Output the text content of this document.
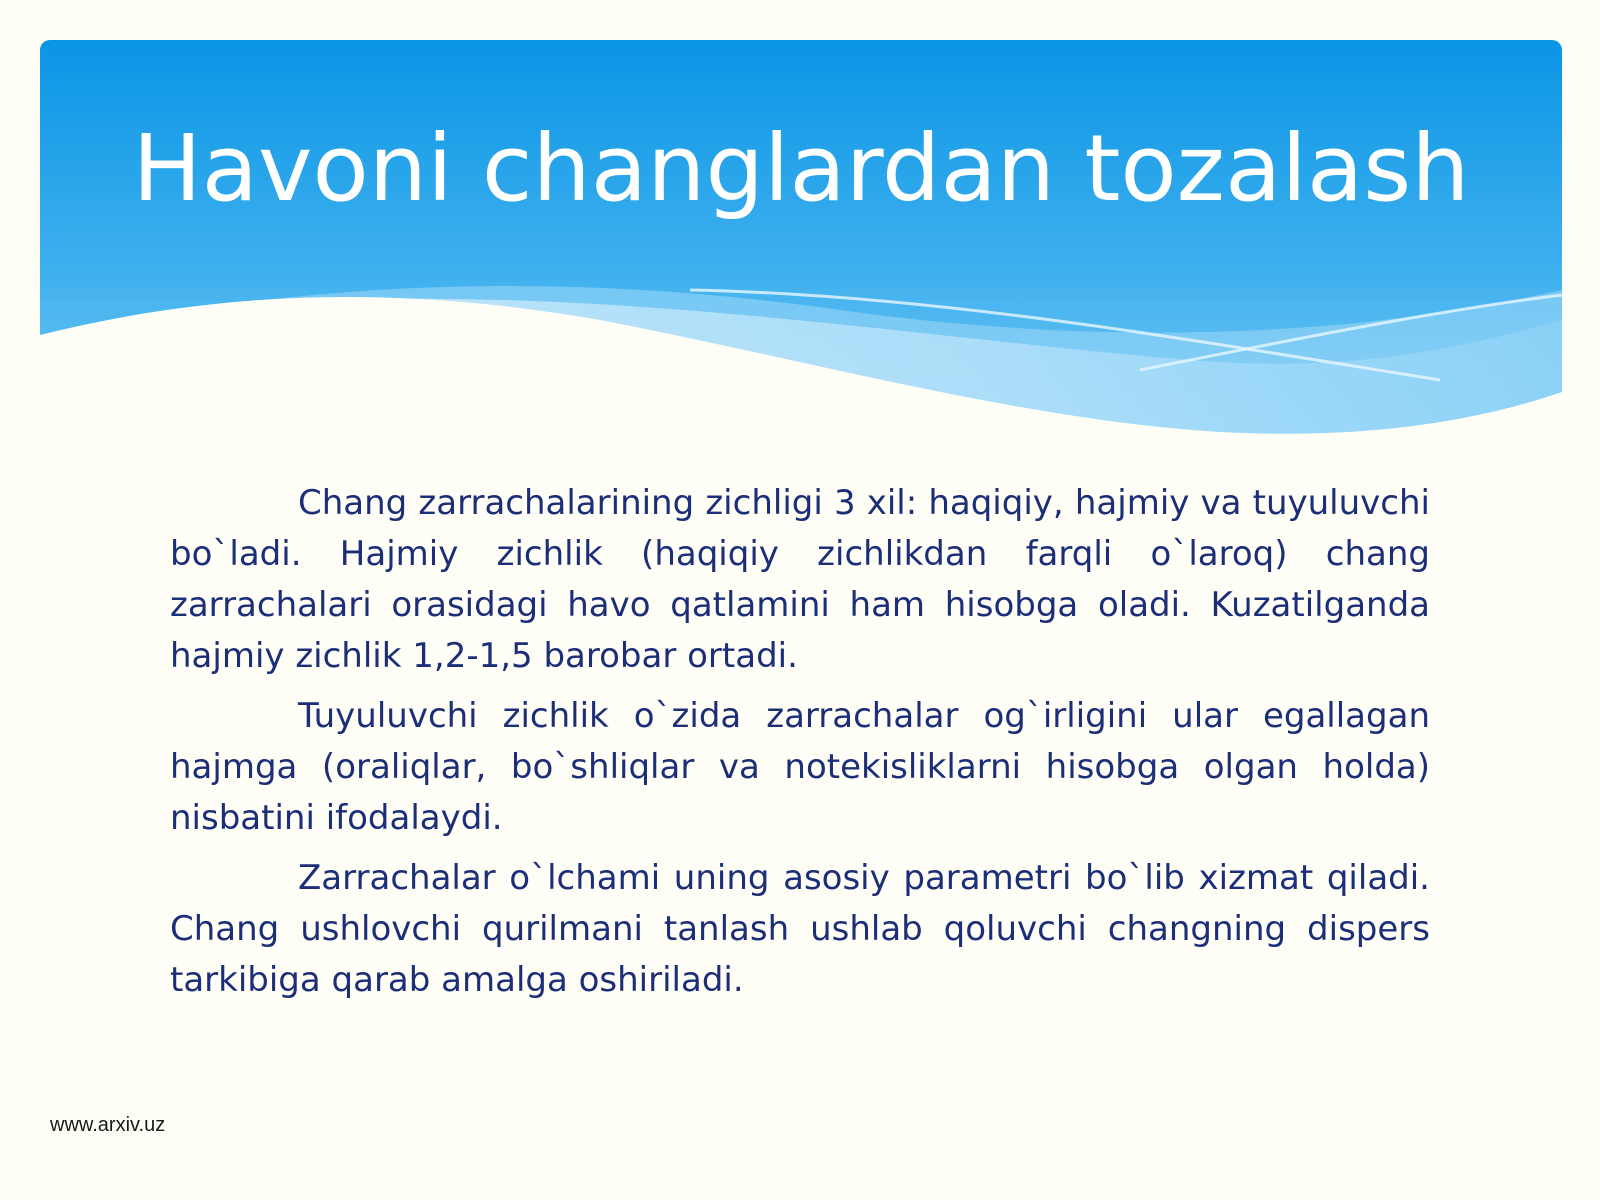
Havoni changlardan tozalash

Chang zarrachalarining zichligi 3 xil: haqiqiy, hajmiy va tuyuluvchi bo`ladi. Hajmiy zichlik (haqiqiy zichlikdan farqli o`laroq) chang zarrachalari orasidagi havo qatlamini ham hisobga oladi. Kuzatilganda hajmiy zichlik 1,2-1,5 barobar ortadi.

Tuyuluvchi zichlik o`zida zarrachalar og`irligini ular egallagan hajmga (oraliqlar, bo`shliqlar va notekisliklarni hisobga olgan holda) nisbatini ifodalaydi.

Zarrachalar o`lchami uning asosiy parametri bo`lib xizmat qiladi. Chang ushlovchi qurilmani tanlash ushlab qoluvchi changning dispers tarkibiga qarab amalga oshiriladi.

www.arxiv.uz
